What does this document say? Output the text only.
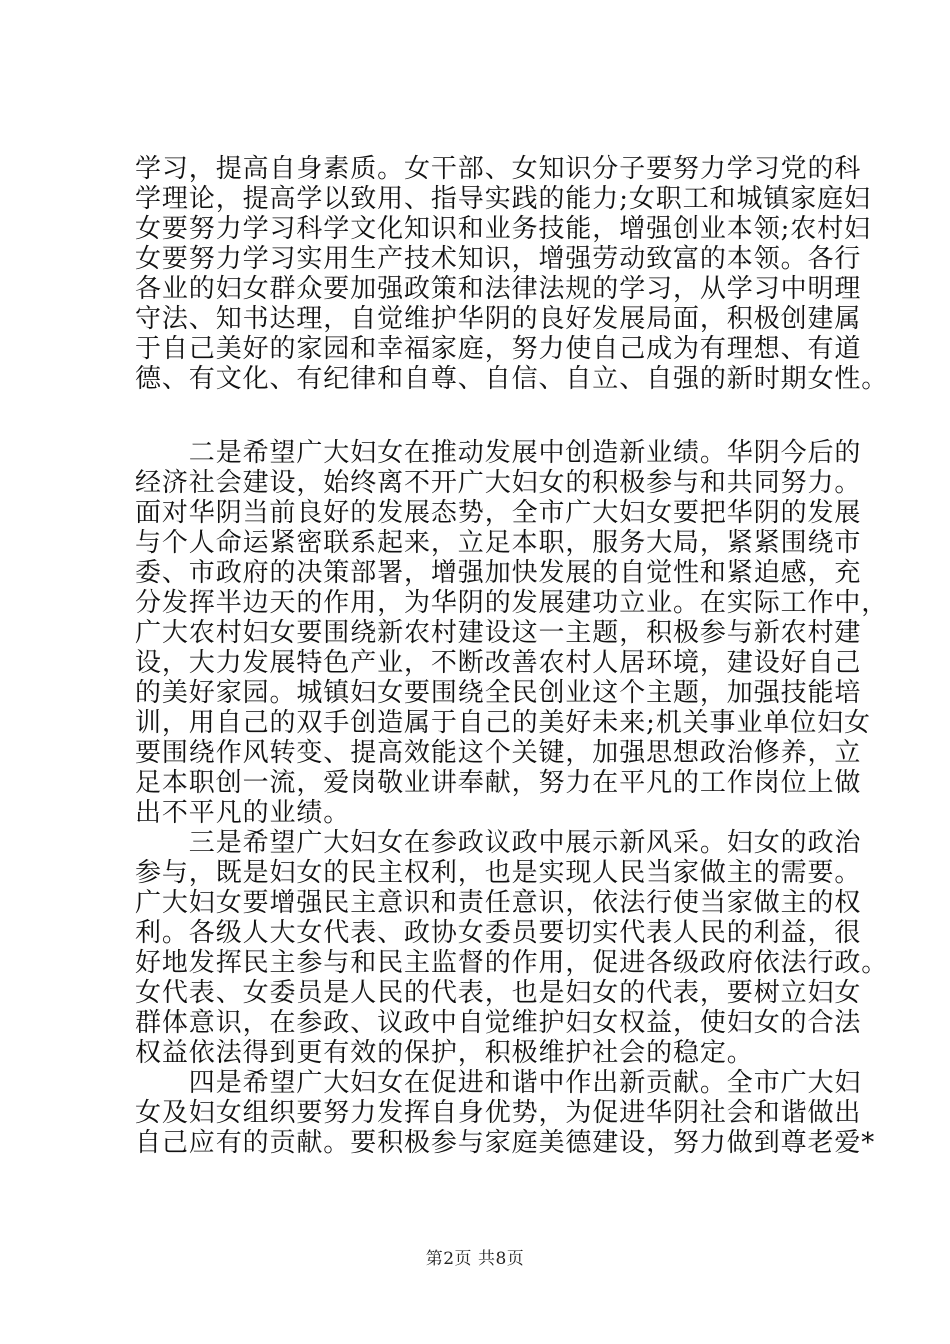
学习，提高自身素质。女干部、女知识分子要努力学习党的科
学理论，提高学以致用、指导实践的能力;女职工和城镇家庭妇
女要努力学习科学文化知识和业务技能，增强创业本领;农村妇
女要努力学习实用生产技术知识，增强劳动致富的本领。各行
各业的妇女群众要加强政策和法律法规的学习，从学习中明理
守法、知书达理，自觉维护华阴的良好发展局面，积极创建属
于自己美好的家园和幸福家庭，努力使自己成为有理想、有道
德、有文化、有纪律和自尊、自信、自立、自强的新时期女性。
　　二是希望广大妇女在推动发展中创造新业绩。华阴今后的
经济社会建设，始终离不开广大妇女的积极参与和共同努力。
面对华阴当前良好的发展态势，全市广大妇女要把华阴的发展
与个人命运紧密联系起来，立足本职，服务大局，紧紧围绕市
委、市政府的决策部署，增强加快发展的自觉性和紧迫感，充
分发挥半边天的作用，为华阴的发展建功立业。在实际工作中，
广大农村妇女要围绕新农村建设这一主题，积极参与新农村建
设，大力发展特色产业，不断改善农村人居环境，建设好自己
的美好家园。城镇妇女要围绕全民创业这个主题，加强技能培
训，用自己的双手创造属于自己的美好未来;机关事业单位妇女
要围绕作风转变、提高效能这个关键，加强思想政治修养，立
足本职创一流，爱岗敬业讲奉献，努力在平凡的工作岗位上做
出不平凡的业绩。
　　三是希望广大妇女在参政议政中展示新风采。妇女的政治
参与，既是妇女的民主权利，也是实现人民当家做主的需要。
广大妇女要增强民主意识和责任意识，依法行使当家做主的权
利。各级人大女代表、政协女委员要切实代表人民的利益，很
好地发挥民主参与和民主监督的作用，促进各级政府依法行政。
女代表、女委员是人民的代表，也是妇女的代表，要树立妇女
群体意识，在参政、议政中自觉维护妇女权益，使妇女的合法
权益依法得到更有效的保护，积极维护社会的稳定。
　　四是希望广大妇女在促进和谐中作出新贡献。全市广大妇
女及妇女组织要努力发挥自身优势，为促进华阴社会和谐做出
自己应有的贡献。要积极参与家庭美德建设，努力做到尊老爱*
第2页 共8页
